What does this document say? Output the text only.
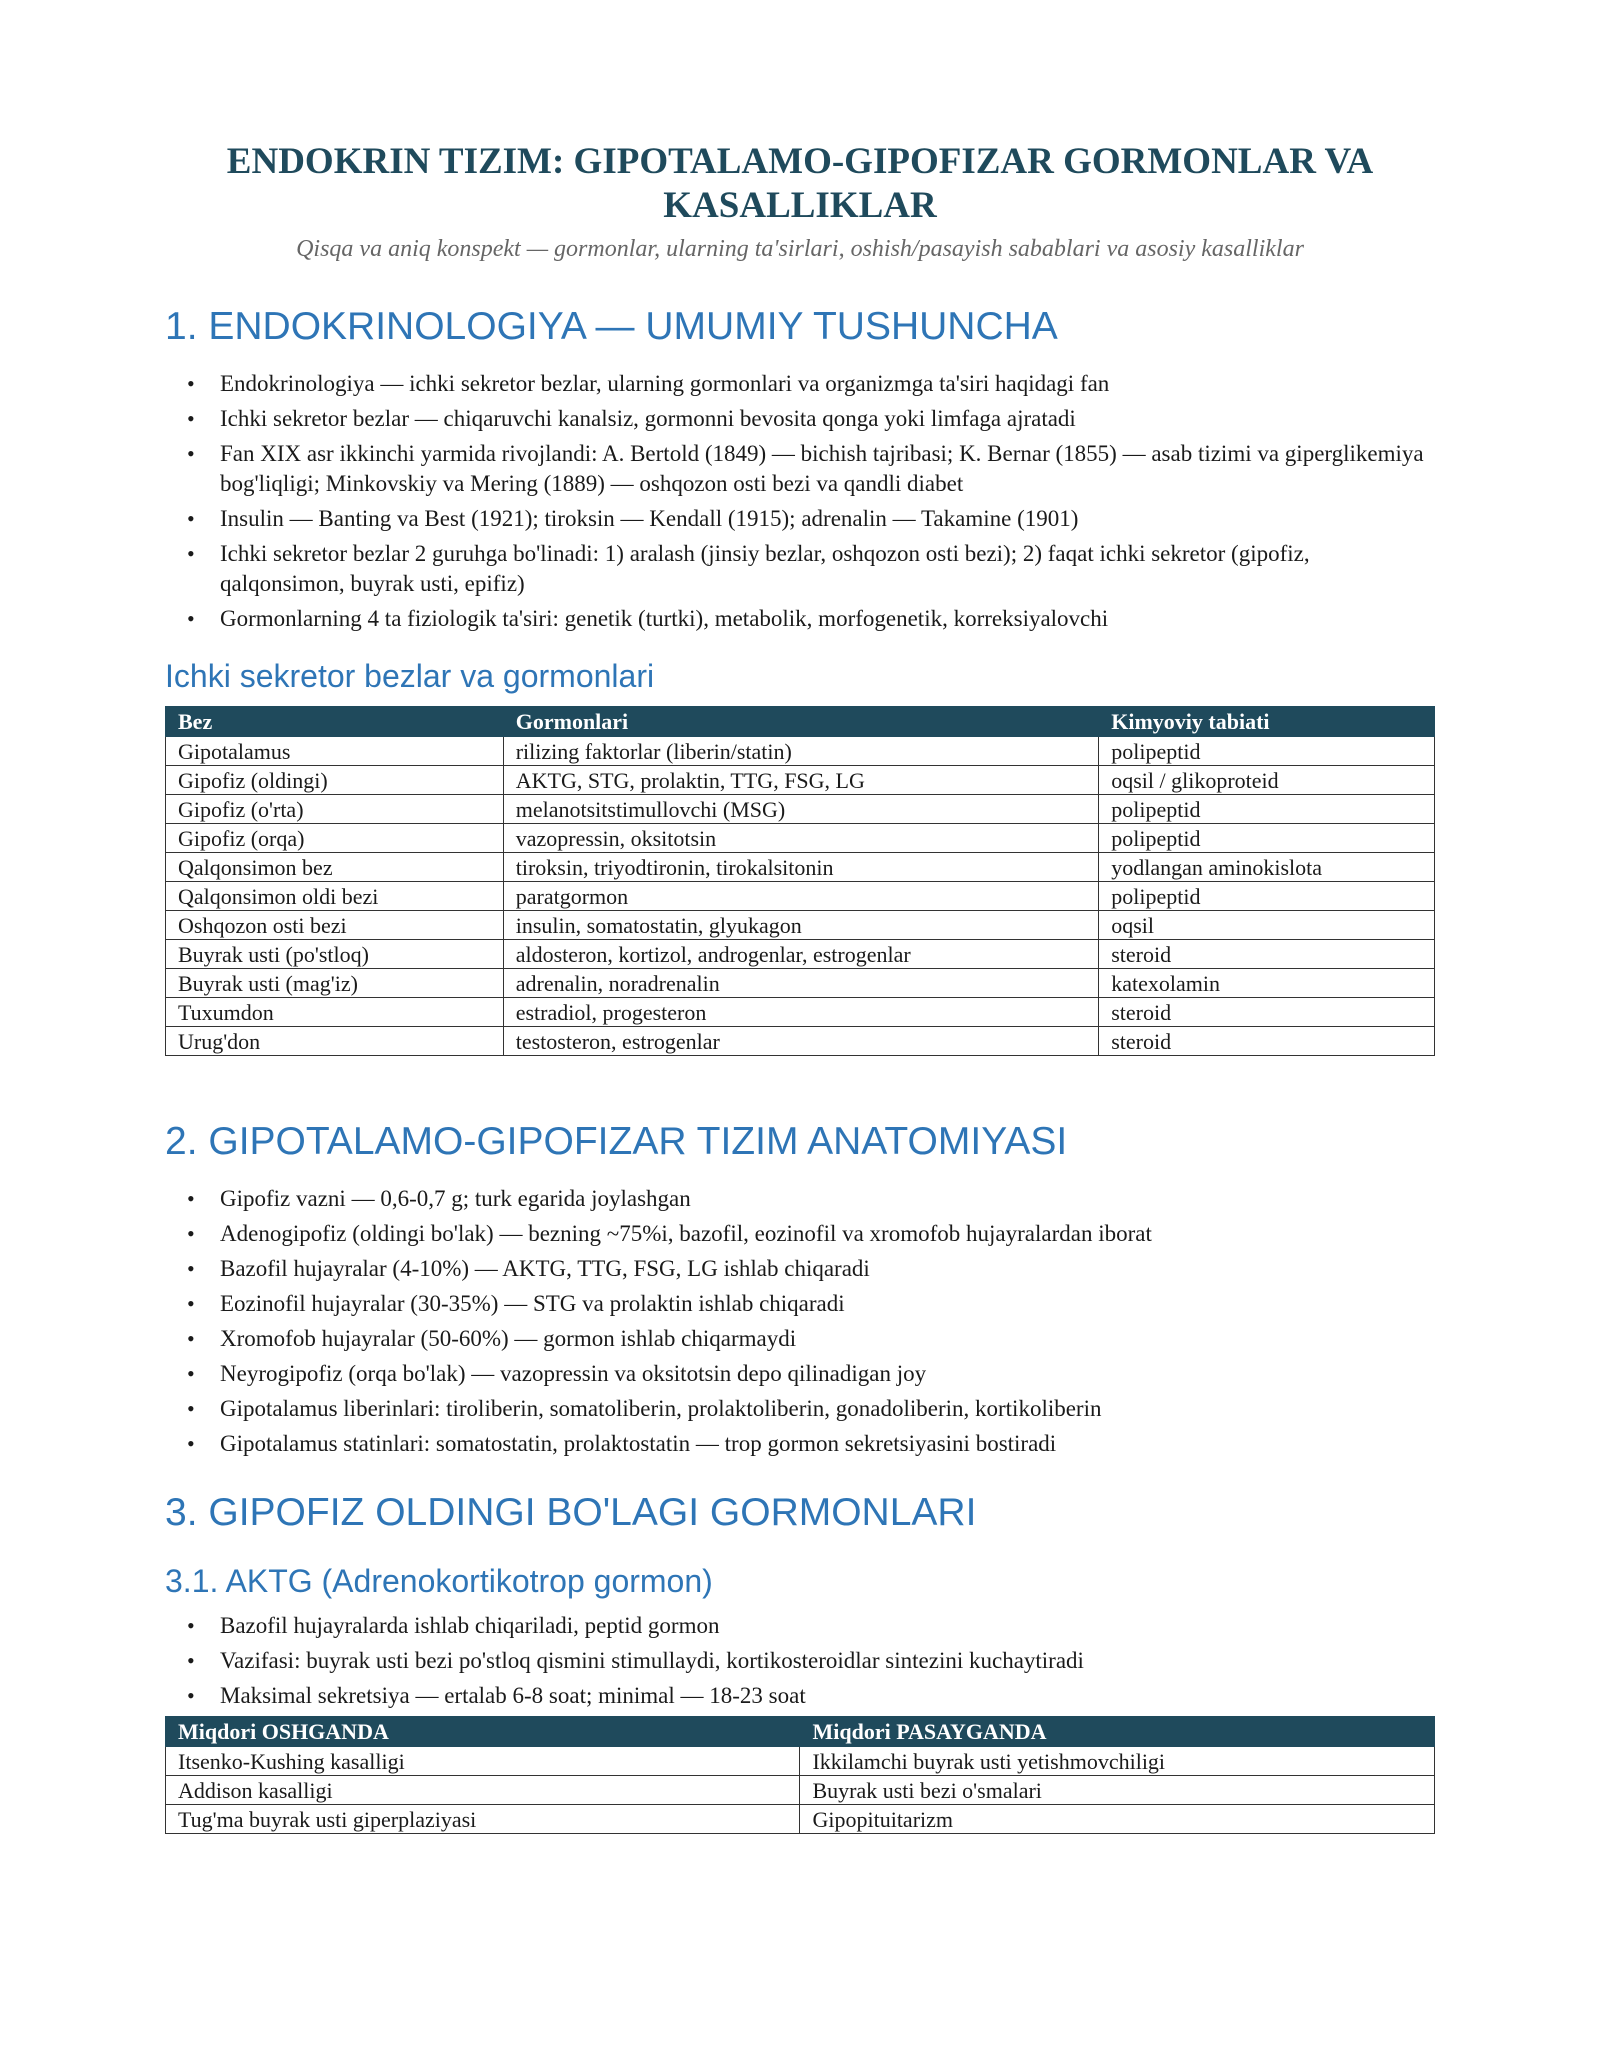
ENDOKRIN TIZIM: GIPOTALAMO-GIPOFIZAR GORMONLAR VA KASALLIKLAR

Qisqa va aniq konspekt — gormonlar, ularning ta'sirlari, oshish/pasayish sabablari va asosiy kasalliklar

1. ENDOKRINOLOGIYA — UMUMIY TUSHUNCHA
• Endokrinologiya — ichki sekretor bezlar, ularning gormonlari va organizmga ta'siri haqidagi fan
• Ichki sekretor bezlar — chiqaruvchi kanalsiz, gormonni bevosita qonga yoki limfaga ajratadi
• Fan XIX asr ikkinchi yarmida rivojlandi: A. Bertold (1849) — bichish tajribasi; K. Bernar (1855) — asab tizimi va giperglikemiya bog'liqligi; Minkovskiy va Mering (1889) — oshqozon osti bezi va qandli diabet
• Insulin — Banting va Best (1921); tiroksin — Kendall (1915); adrenalin — Takamine (1901)
• Ichki sekretor bezlar 2 guruhga bo'linadi: 1) aralash (jinsiy bezlar, oshqozon osti bezi); 2) faqat ichki sekretor (gipofiz, qalqonsimon, buyrak usti, epifiz)
• Gormonlarning 4 ta fiziologik ta'siri: genetik (turtki), metabolik, morfogenetik, korreksiyalovchi
Ichki sekretor bezlar va gormonlari
Bez	Gormonlari	Kimyoviy tabiati
Gipotalamus	rilizing faktorlar (liberin/statin)	polipeptid
Gipofiz (oldingi)	AKTG, STG, prolaktin, TTG, FSG, LG	oqsil / glikoproteid
Gipofiz (o'rta)	melanotsitstimullovchi (MSG)	polipeptid
Gipofiz (orqa)	vazopressin, oksitotsin	polipeptid
Qalqonsimon bez	tiroksin, triyodtironin, tirokalsitonin	yodlangan aminokislota
Qalqonsimon oldi bezi	paratgormon	polipeptid
Oshqozon osti bezi	insulin, somatostatin, glyukagon	oqsil
Buyrak usti (po'stloq)	aldosteron, kortizol, androgenlar, estrogenlar	steroid
Buyrak usti (mag'iz)	adrenalin, noradrenalin	katexolamin
Tuxumdon	estradiol, progesteron	steroid
Urug'don	testosteron, estrogenlar	steroid
2. GIPOTALAMO-GIPOFIZAR TIZIM ANATOMIYASI
• Gipofiz vazni — 0,6-0,7 g; turk egarida joylashgan
• Adenogipofiz (oldingi bo'lak) — bezning ~75%i, bazofil, eozinofil va xromofob hujayralardan iborat
• Bazofil hujayralar (4-10%) — AKTG, TTG, FSG, LG ishlab chiqaradi
• Eozinofil hujayralar (30-35%) — STG va prolaktin ishlab chiqaradi
• Xromofob hujayralar (50-60%) — gormon ishlab chiqarmaydi
• Neyrogipofiz (orqa bo'lak) — vazopressin va oksitotsin depo qilinadigan joy
• Gipotalamus liberinlari: tiroliberin, somatoliberin, prolaktoliberin, gonadoliberin, kortikoliberin
• Gipotalamus statinlari: somatostatin, prolaktostatin — trop gormon sekretsiyasini bostiradi
3. GIPOFIZ OLDINGI BO'LAGI GORMONLARI
3.1. AKTG (Adrenokortikotrop gormon)
• Bazofil hujayralarda ishlab chiqariladi, peptid gormon
• Vazifasi: buyrak usti bezi po'stloq qismini stimullaydi, kortikosteroidlar sintezini kuchaytiradi
• Maksimal sekretsiya — ertalab 6-8 soat; minimal — 18-23 soat
Miqdori OSHGANDA	Miqdori PASAYGANDA
Itsenko-Kushing kasalligi	Ikkilamchi buyrak usti yetishmovchiligi
Addison kasalligi	Buyrak usti bezi o'smalari
Tug'ma buyrak usti giperplaziyasi	Gipopituitarizm
